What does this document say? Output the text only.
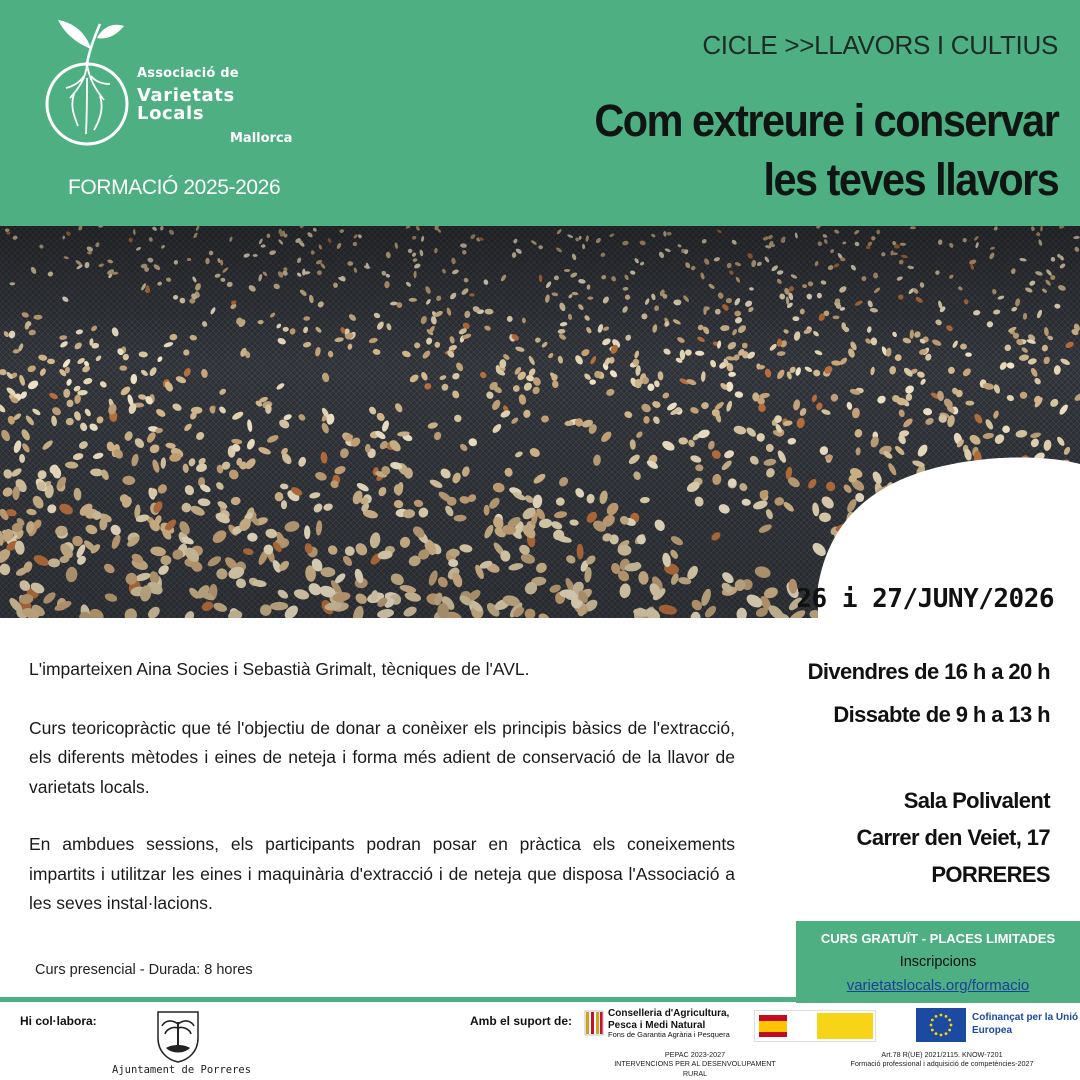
Associació de
Varietats Locals
Mallorca
FORMACIÓ 2025-2026
CICLE >>LLAVORS I CULTIUS
Com extreure i conservar
les teves llavors
26 i 27/JUNY/2026

L'imparteixen Aina Socies i Sebastià Grimalt, tècniques de l'AVL.

Curs teoricopràctic que té l'objectiu de donar a conèixer els principis bàsics de l'extracció, els diferents mètodes i eines de neteja i forma més adient de conservació de la llavor de varietats locals.

En ambdues sessions, els participants podran posar en pràctica els coneixements impartits i utilitzar les eines i maquinària d'extracció i de neteja que disposa l'Associació a les seves instal·lacions.

Curs presencial - Durada: 8 hores
Divendres de 16 h a 20 h
Dissabte de 9 h a 13 h
Sala Polivalent
Carrer den Veiet, 17
PORRERES
CURS GRATUÏT - PLACES LIMITADES
Inscripcions
varietatslocals.org/formacio
Hi col·labora:
Ajuntament de Porreres
Amb el suport de:
Conselleria d'Agricultura,
Pesca i Medi Natural
Fons de Garantia Agrària i Pesquera
Cofinançat per la Unió Europea
PEPAC 2023-2027
INTERVENCIONS PER AL DESENVOLUPAMENT RURAL
Art.78 R(UE) 2021/2115. KNOW-7201
Formació professional i adquisició de competències-2027
